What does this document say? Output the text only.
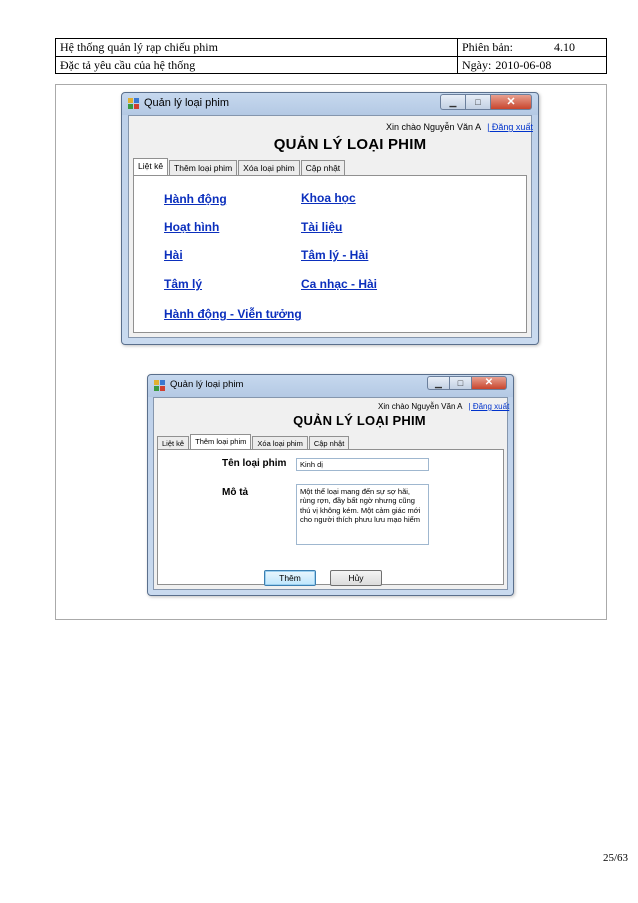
Hệ thống quản lý rạp chiếu phim	Phiên bản:	4.10
Đặc tả yêu cầu của hệ thống	Ngày: 2010-06-08
Quản lý loại phim	▁	□	✕
Xin chào Nguyễn Văn A | Đăng xuất
QUẢN LÝ LOẠI PHIM
Liệt kê	Thêm loại phim	Xóa loại phim	Cập nhật
Hành động	Khoa học
Hoạt hình	Tài liệu
Hài	Tâm lý - Hài
Tâm lý	Ca nhạc - Hài
Hành động - Viễn tưởng
Quản lý loại phim	▁	□	✕
Xin chào Nguyễn Văn A | Đăng xuất
QUẢN LÝ LOẠI PHIM
Liệt kê	Thêm loại phim	Xóa loại phim	Cập nhật
Tên loại phim	Kinh dị
Mô tả	Một thể loại mang đến sự sợ hãi, rùng rợn, đầy bất ngờ nhưng cũng thú vị không kém. Một cảm giác mới cho người thích phưu lưu mạo hiểm
Thêm	Hủy
25/63
